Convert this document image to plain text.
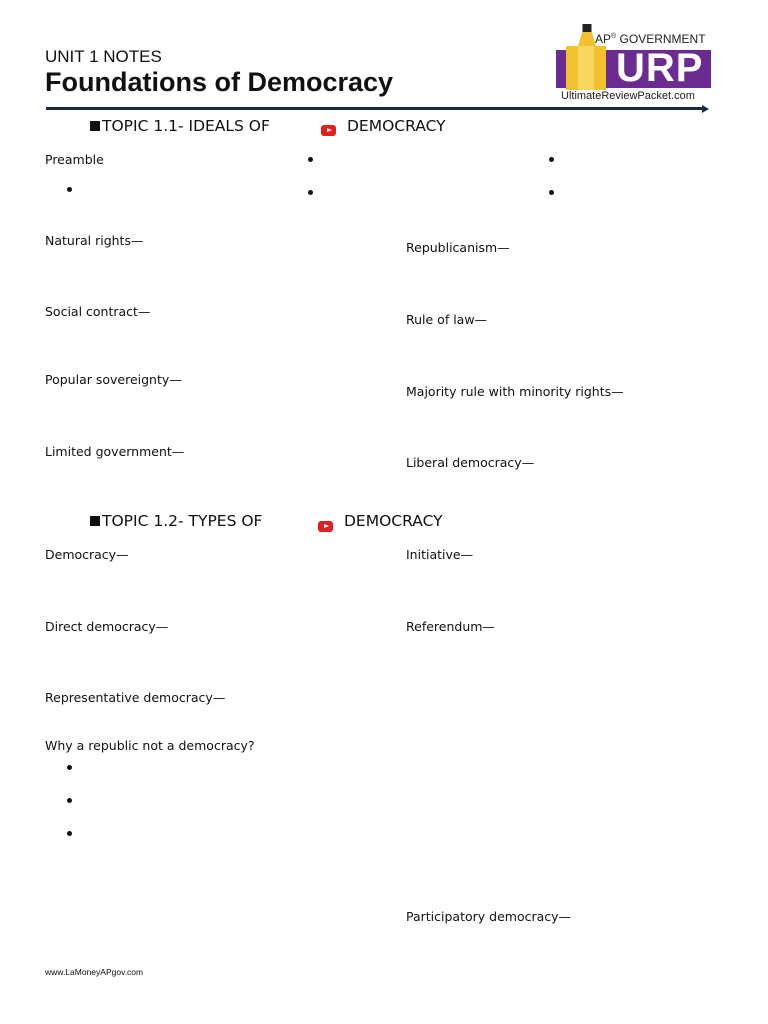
UNIT 1 NOTES
Foundations of Democracy
AP® GOVERNMENT
URP
UltimateReviewPacket.com
TOPIC 1.1- IDEALS OF	DEMOCRACY
Preamble
Natural rights—
Social contract—
Popular sovereignty—
Limited government—
Republicanism—
Rule of law—
Majority rule with minority rights—
Liberal democracy—
TOPIC 1.2- TYPES OF	DEMOCRACY
Democracy—
Direct democracy—
Representative democracy—
Initiative—
Referendum—
Why a republic not a democracy?
Participatory democracy—
www.LaMoneyAPgov.com
